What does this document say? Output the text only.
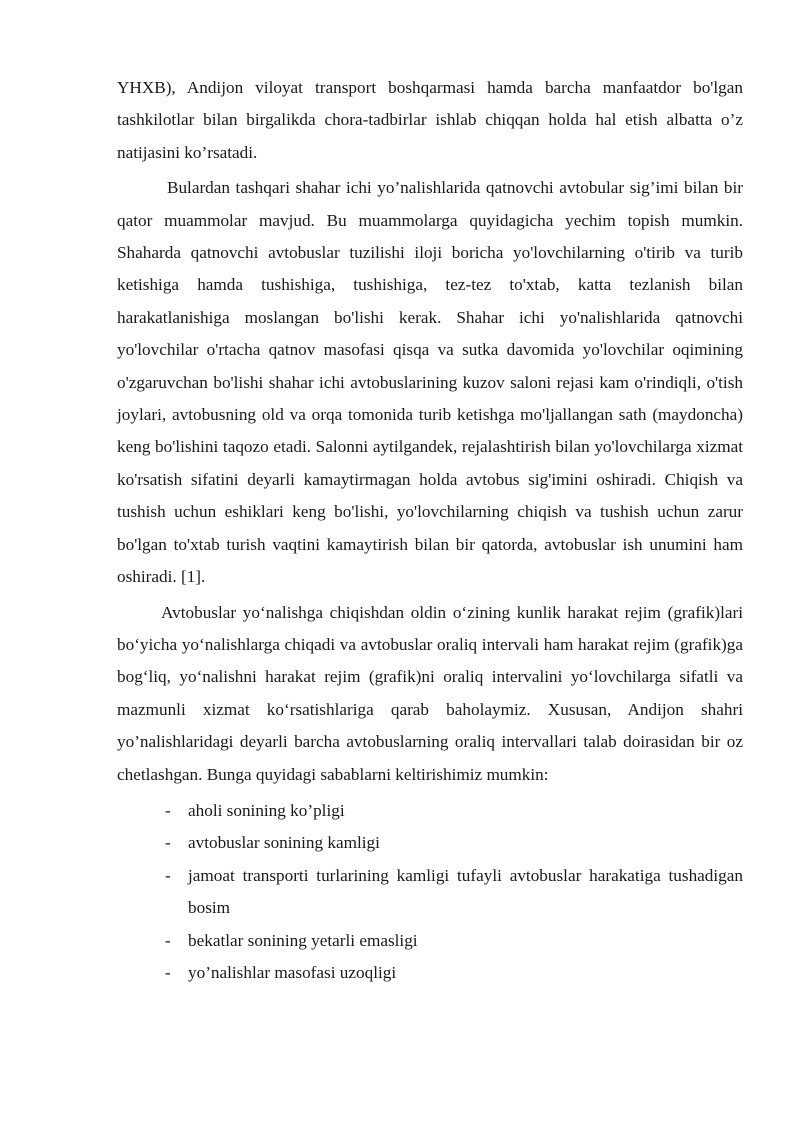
YHXB), Andijon viloyat transport boshqarmasi hamda barcha manfaatdor bo'lgan tashkilotlar bilan birgalikda chora-tadbirlar ishlab chiqqan holda hal etish albatta o’z natijasini ko’rsatadi.

Bulardan tashqari shahar ichi yo’nalishlarida qatnovchi avtobular sig’imi bilan bir qator muammolar mavjud. Bu muammolarga quyidagicha yechim topish mumkin. Shaharda qatnovchi avtobuslar tuzilishi iloji boricha yo'lovchilarning o'tirib va turib ketishiga hamda tushishiga, tushishiga, tez-tez to'xtab, katta tezlanish bilan harakatlanishiga moslangan bo'lishi kerak. Shahar ichi yo'nalishlarida qatnovchi yo'lovchilar o'rtacha qatnov masofasi qisqa va sutka davomida yo'lovchilar oqimining o'zgaruvchan bo'lishi shahar ichi avtobuslarining kuzov saloni rejasi kam o'rindiqli, o'tish joylari, avtobusning old va orqa tomonida turib ketishga mo'ljallangan sath (maydoncha) keng bo'lishini taqozo etadi. Salonni aytilgandek, rejalashtirish bilan yo'lovchilarga xizmat ko'rsatish sifatini deyarli kamaytirmagan holda avtobus sig'imini oshiradi. Chiqish va tushish uchun eshiklari keng bo'lishi, yo'lovchilarning chiqish va tushish uchun zarur bo'lgan to'xtab turish vaqtini kamaytirish bilan bir qatorda, avtobuslar ish unumini ham oshiradi. [1].

Avtobuslar yo‘nalishga chiqishdan oldin o‘zining kunlik harakat rejim (grafik)lari bo‘yicha yo‘nalishlarga chiqadi va avtobuslar oraliq intervali ham harakat rejim (grafik)ga bog‘liq, yo‘nalishni harakat rejim (grafik)ni oraliq intervalini yo‘lovchilarga sifatli va mazmunli xizmat ko‘rsatishlariga qarab baholaymiz. Xususan, Andijon shahri yo’nalishlaridagi deyarli barcha avtobuslarning oraliq intervallari talab doirasidan bir oz chetlashgan. Bunga quyidagi sabablarni keltirishimiz mumkin:

- aholi sonining ko’pligi
- avtobuslar sonining kamligi
- jamoat transporti turlarining kamligi tufayli avtobuslar harakatiga tushadigan bosim
- bekatlar sonining yetarli emasligi
- yo’nalishlar masofasi uzoqligi
